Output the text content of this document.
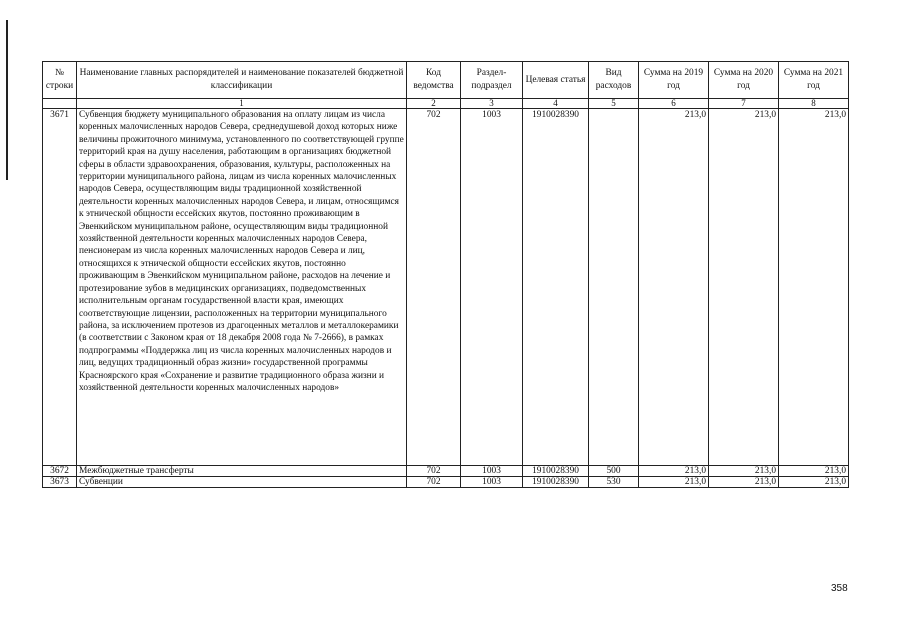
№ строки	Наименование главных распорядителей и наименование показателей бюджетной классификации	Код ведомства	Раздел- подраздел	Целевая статья	Вид расходов	Сумма на 2019 год	Сумма на 2020 год	Сумма на 2021 год
	1	2	3	4	5	6	7	8
3671	Субвенция бюджету муниципального образования на оплату лицам из числа коренных малочисленных народов Севера, среднедушевой доход которых ниже величины прожиточного минимума, установленного по соответствующей группе территорий края на душу населения, работающим в организациях бюджетной сферы в области здравоохранения, образования, культуры, расположенных на территории муниципального района, лицам из числа коренных малочисленных народов Севера, осуществляющим виды традиционной хозяйственной деятельности коренных малочисленных народов Севера, и лицам, относящимся к этнической общности ессейских якутов, постоянно проживающим в Эвенкийском муниципальном районе, осуществляющим виды традиционной хозяйственной деятельности коренных малочисленных народов Севера, пенсионерам из числа коренных малочисленных народов Севера и лиц, относящихся к этнической общности ессейских якутов, постоянно проживающим в Эвенкийском муниципальном районе, расходов на лечение и протезирование зубов в медицинских организациях, подведомственных исполнительным органам государственной власти края, имеющих соответствующие лицензии, расположенных на территории муниципального района, за исключением протезов из драгоценных металлов и металлокерамики (в соответствии с Законом края от 18 декабря 2008 года № 7-2666), в рамках подпрограммы «Поддержка лиц из числа коренных малочисленных народов и лиц, ведущих традиционный образ жизни» государственной программы Красноярского края «Сохранение и развитие традиционного образа жизни и хозяйственной деятельности коренных малочисленных народов»	702	1003	1910028390		213,0	213,0	213,0
3672	Межбюджетные трансферты	702	1003	1910028390	500	213,0	213,0	213,0
3673	Субвенции	702	1003	1910028390	530	213,0	213,0	213,0
358
